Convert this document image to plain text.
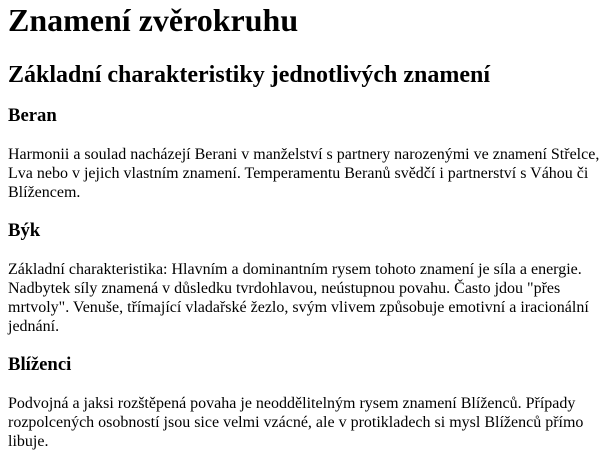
Znamení zvěrokruhu
Základní charakteristiky jednotlivých znamení
Beran

Harmonii a soulad nacházejí Berani v manželství s partnery narozenými ve znamení Střelce, Lva nebo v jejich vlastním znamení. Temperamentu Beranů svědčí i partnerství s Váhou či Blížencem.

Býk

Základní charakteristika: Hlavním a dominantním rysem tohoto znamení je síla a energie. Nadbytek síly znamená v důsledku tvrdohlavou, neústupnou povahu. Často jdou "přes mrtvoly". Venuše, třímající vladařské žezlo, svým vlivem způsobuje emotivní a iracionální jednání.

Blíženci

Podvojná a jaksi rozštěpená povaha je neoddělitelným rysem znamení Blíženců. Případy rozpolcených osobností jsou sice velmi vzácné, ale v protikladech si mysl Blíženců přímo libuje.
